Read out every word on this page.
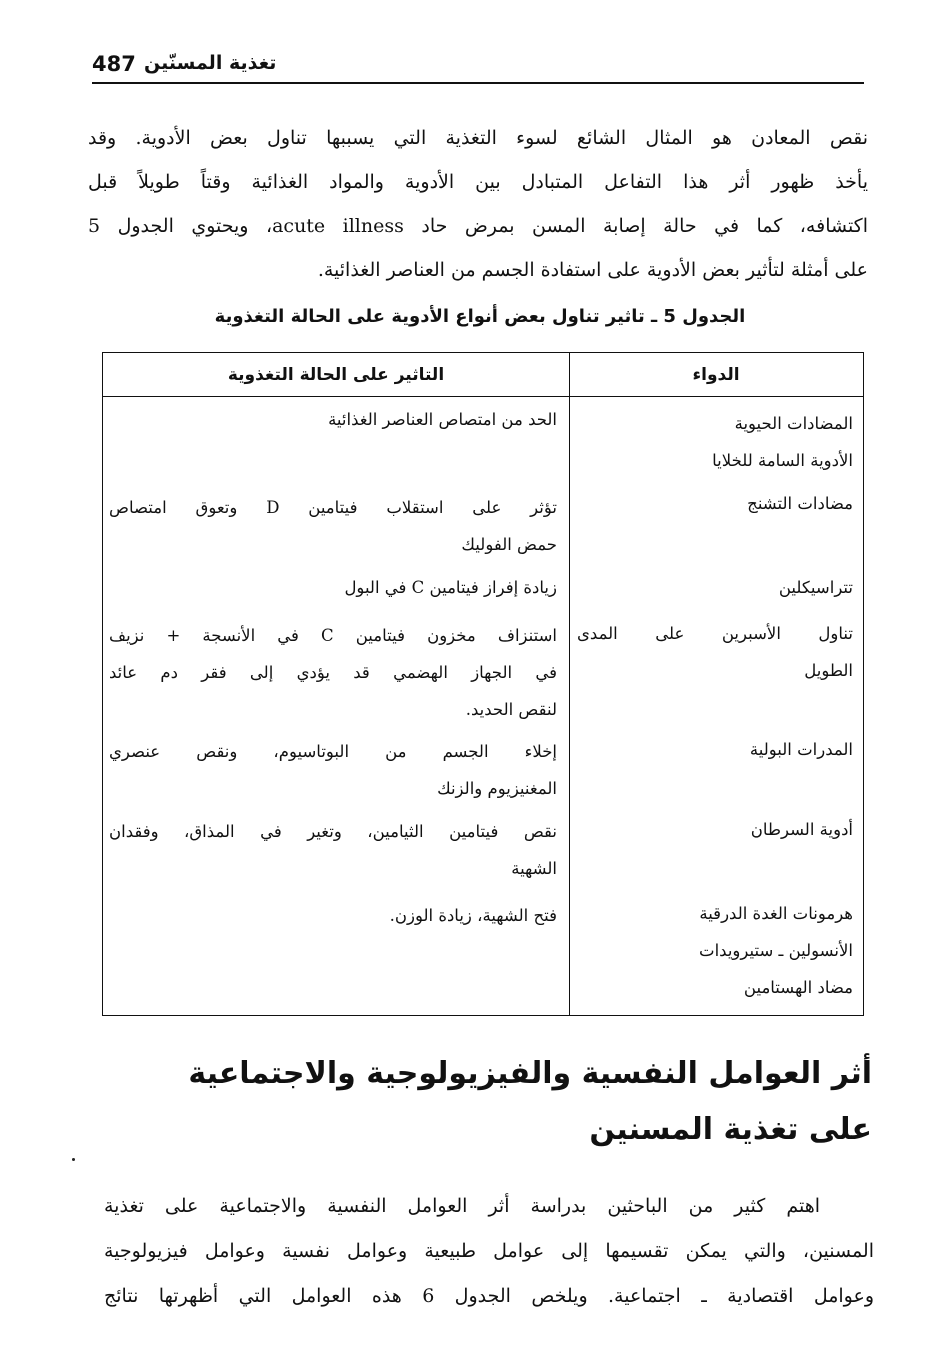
487 تغذية المسنّين
نقص المعادن هو المثال الشائع لسوء التغذية التي يسببها تناول بعض الأدوية. وقد
يأخذ ظهور أثر هذا التفاعل المتبادل بين الأدوية والمواد الغذائية وقتاً طويلاً قبل
اكتشافه، كما في حالة إصابة المسن بمرض حاد acute illness، ويحتوي الجدول 5
على أمثلة لتأثير بعض الأدوية على استفادة الجسم من العناصر الغذائية.
الجدول 5 ـ تاثير تناول بعض أنواع الأدوية على الحالة التغذوية
الدواء
التاثير على الحالة التغذوية
المضادات الحيوية
الأدوية السامة للخلايا
الحد من امتصاص العناصر الغذائية
مضادات التشنج
تؤثر على استقلاب فيتامين D وتعوق امتصاص
حمض الفوليك
تتراسيكلين
زيادة إفراز فيتامين C في البول
تناول الأسبرين على المدى
الطويل
استنزاف مخزون فيتامين C في الأنسجة + نزيف
في الجهاز الهضمي قد يؤدي إلى فقر دم عائد
لنقص الحديد.
المدرات البولية
إخلاء الجسم من البوتاسيوم، ونقص عنصري
المغنيزيوم والزنك
أدوية السرطان
نقص فيتامين الثيامين، وتغير في المذاق، وفقدان
الشهية
هرمونات الغدة الدرقية
الأنسولين ـ ستيرويدات
مضاد الهستامين
فتح الشهية، زيادة الوزن.
أثر العوامل النفسية والفيزيولوجية والاجتماعية
على تغذية المسنين
اهتم كثير من الباحثين بدراسة أثر العوامل النفسية والاجتماعية على تغذية
المسنين، والتي يمكن تقسيمها إلى عوامل طبيعية وعوامل نفسية وعوامل فيزيولوجية
وعوامل اقتصادية ـ اجتماعية. ويلخص الجدول 6 هذه العوامل التي أظهرتها نتائج
